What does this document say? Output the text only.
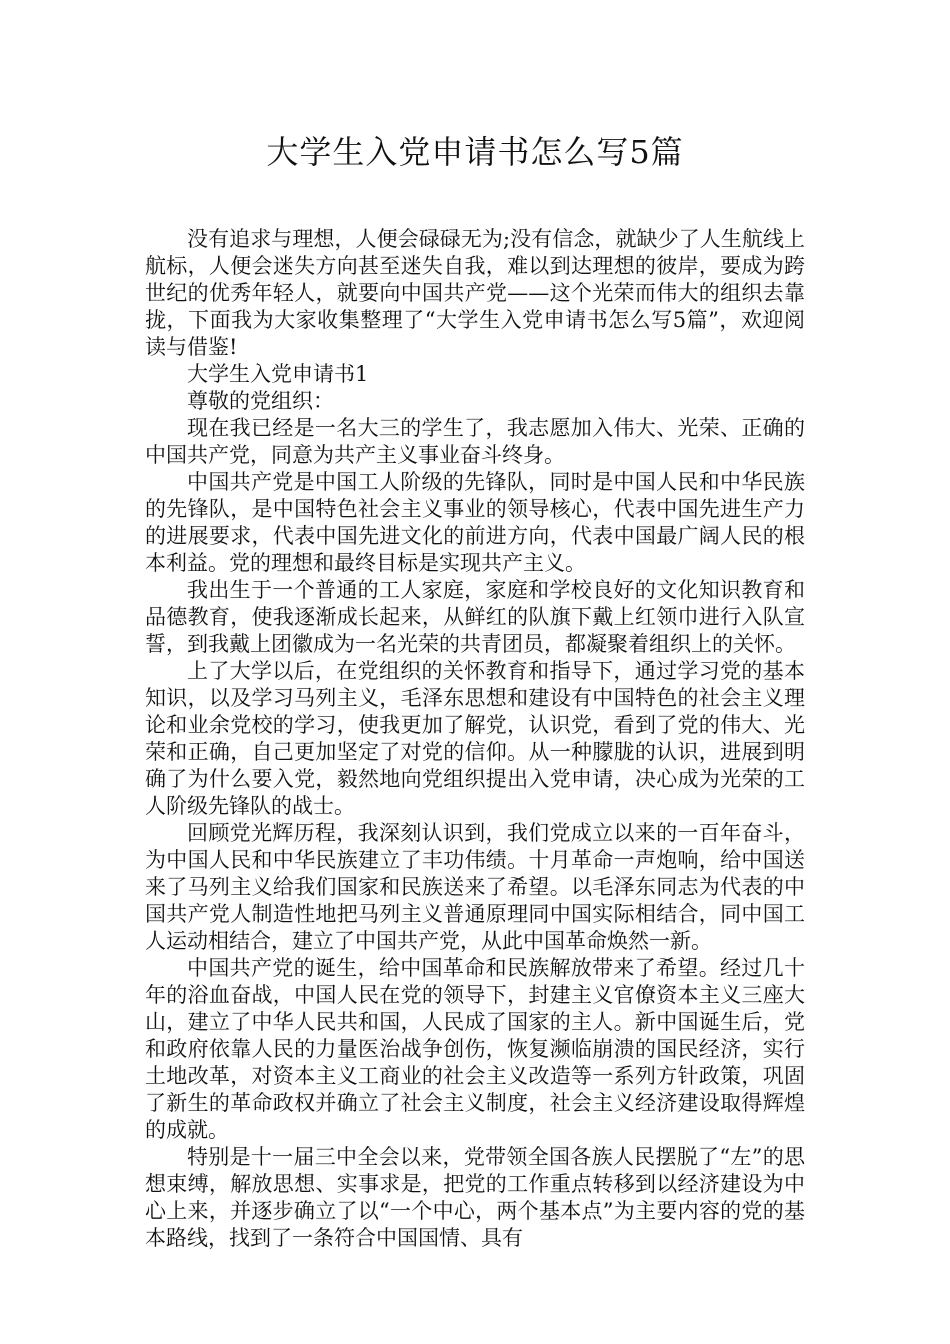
大学生入党申请书怎么写5篇

没有追求与理想，人便会碌碌无为;没有信念，就缺少了人生航线上航标，人便会迷失方向甚至迷失自我，难以到达理想的彼岸，要成为跨世纪的优秀年轻人，就要向中国共产党——这个光荣而伟大的组织去靠拢，下面我为大家收集整理了“大学生入党申请书怎么写5篇”，欢迎阅读与借鉴!

大学生入党申请书1

尊敬的党组织：

现在我已经是一名大三的学生了，我志愿加入伟大、光荣、正确的中国共产党，同意为共产主义事业奋斗终身。

中国共产党是中国工人阶级的先锋队，同时是中国人民和中华民族的先锋队，是中国特色社会主义事业的领导核心，代表中国先进生产力的进展要求，代表中国先进文化的前进方向，代表中国最广阔人民的根本利益。党的理想和最终目标是实现共产主义。

我出生于一个普通的工人家庭，家庭和学校良好的文化知识教育和品德教育，使我逐渐成长起来，从鲜红的队旗下戴上红领巾进行入队宣誓，到我戴上团徽成为一名光荣的共青团员，都凝聚着组织上的关怀。

上了大学以后，在党组织的关怀教育和指导下，通过学习党的基本知识，以及学习马列主义，毛泽东思想和建设有中国特色的社会主义理论和业余党校的学习，使我更加了解党，认识党，看到了党的伟大、光荣和正确，自己更加坚定了对党的信仰。从一种朦胧的认识，进展到明确了为什么要入党，毅然地向党组织提出入党申请，决心成为光荣的工人阶级先锋队的战士。

回顾党光辉历程，我深刻认识到，我们党成立以来的一百年奋斗，为中国人民和中华民族建立了丰功伟绩。十月革命一声炮响，给中国送来了马列主义给我们国家和民族送来了希望。以毛泽东同志为代表的中国共产党人制造性地把马列主义普通原理同中国实际相结合，同中国工人运动相结合，建立了中国共产党，从此中国革命焕然一新。

中国共产党的诞生，给中国革命和民族解放带来了希望。经过几十年的浴血奋战，中国人民在党的领导下，封建主义官僚资本主义三座大山，建立了中华人民共和国，人民成了国家的主人。新中国诞生后，党和政府依靠人民的力量医治战争创伤，恢复濒临崩溃的国民经济，实行土地改革，对资本主义工商业的社会主义改造等一系列方针政策，巩固了新生的革命政权并确立了社会主义制度，社会主义经济建设取得辉煌的成就。

特别是十一届三中全会以来，党带领全国各族人民摆脱了“左”的思想束缚，解放思想、实事求是，把党的工作重点转移到以经济建设为中心上来，并逐步确立了以“一个中心，两个基本点”为主要内容的党的基本路线，找到了一条符合中国国情、具有
